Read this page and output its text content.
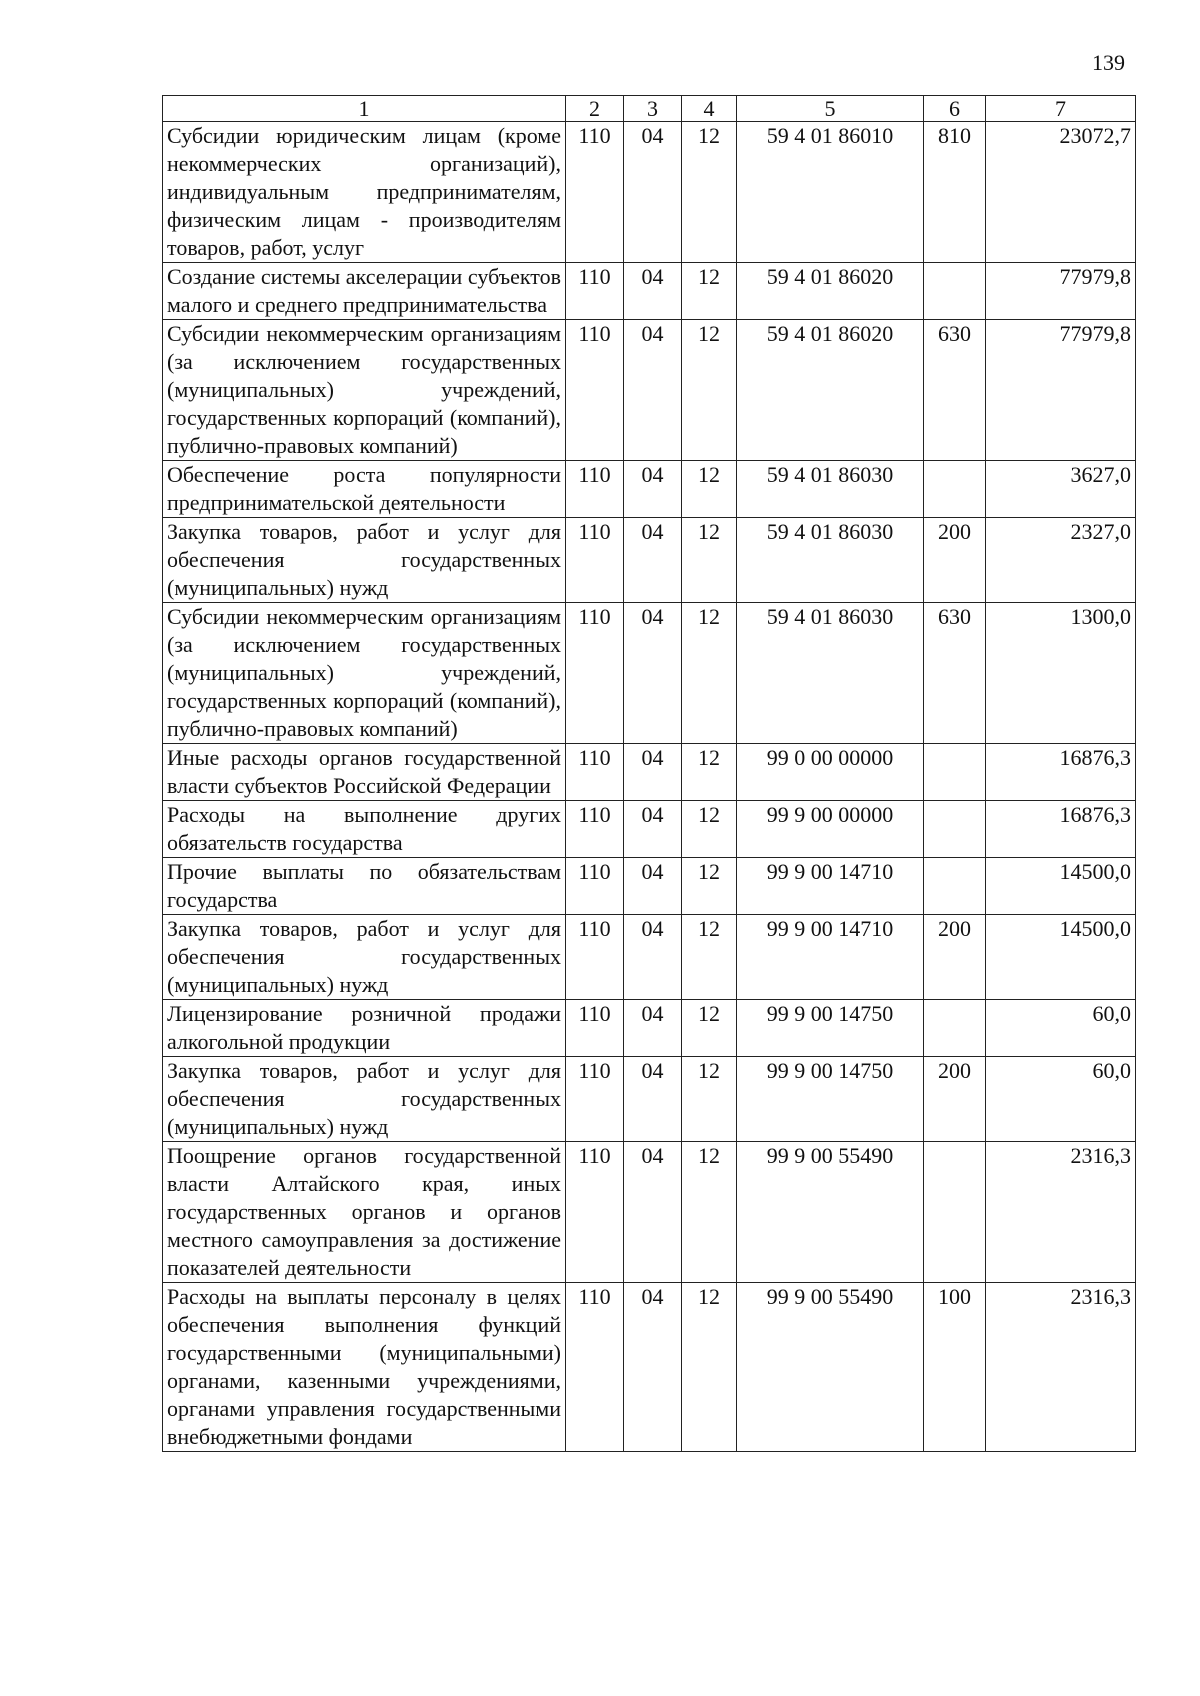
139
1	2	3	4	5	6	7
Субсидии юридическим лицам (кроме некоммерческих организаций), индивидуальным предпринимателям, физическим лицам - производителям товаров, работ, услуг	110	04	12	59 4 01 86010	810	23072,7
Создание системы акселерации субъектов малого и среднего предпринимательства	110	04	12	59 4 01 86020		77979,8
Субсидии некоммерческим организациям (за исключением государственных (муниципальных) учреждений, государственных корпораций (компаний), публично-правовых компаний)	110	04	12	59 4 01 86020	630	77979,8
Обеспечение роста популярности предпринимательской деятельности	110	04	12	59 4 01 86030		3627,0
Закупка товаров, работ и услуг для обеспечения государственных (муниципальных) нужд	110	04	12	59 4 01 86030	200	2327,0
Субсидии некоммерческим организациям (за исключением государственных (муниципальных) учреждений, государственных корпораций (компаний), публично-правовых компаний)	110	04	12	59 4 01 86030	630	1300,0
Иные расходы органов государственной власти субъектов Российской Федерации	110	04	12	99 0 00 00000		16876,3
Расходы на выполнение других обязательств государства	110	04	12	99 9 00 00000		16876,3
Прочие выплаты по обязательствам государства	110	04	12	99 9 00 14710		14500,0
Закупка товаров, работ и услуг для обеспечения государственных (муниципальных) нужд	110	04	12	99 9 00 14710	200	14500,0
Лицензирование розничной продажи алкогольной продукции	110	04	12	99 9 00 14750		60,0
Закупка товаров, работ и услуг для обеспечения государственных (муниципальных) нужд	110	04	12	99 9 00 14750	200	60,0
Поощрение органов государственной власти Алтайского края, иных государственных органов и органов местного самоуправления за достижение показателей деятельности	110	04	12	99 9 00 55490		2316,3
Расходы на выплаты персоналу в целях обеспечения выполнения функций государственными (муниципальными) органами, казенными учреждениями, органами управления государственными внебюджетными фондами	110	04	12	99 9 00 55490	100	2316,3
